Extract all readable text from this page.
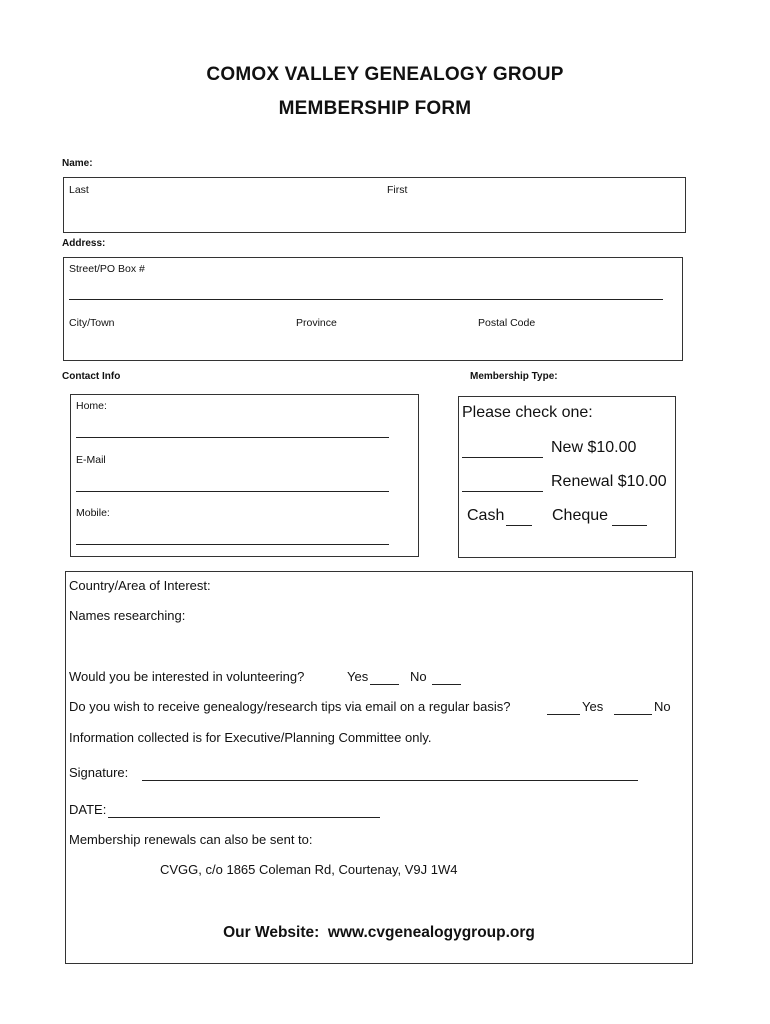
COMOX VALLEY GENEALOGY GROUP
MEMBERSHIP FORM
Name:
Last	First
Address:
Street/PO Box #
City/Town	Province	Postal Code
Contact Info
Home:
E-Mail
Mobile:
Membership Type:
Please check one:
New $10.00
Renewal $10.00
Cash	Cheque
Country/Area of Interest:
Names researching:
Would you be interested in volunteering?	Yes	No
Do you wish to receive genealogy/research tips via email on a regular basis?	Yes	No
Information collected is for Executive/Planning Committee only.
Signature:
DATE:
Membership renewals can also be sent to:
CVGG, c/o 1865 Coleman Rd, Courtenay, V9J 1W4
Our Website: www.cvgenealogygroup.org
